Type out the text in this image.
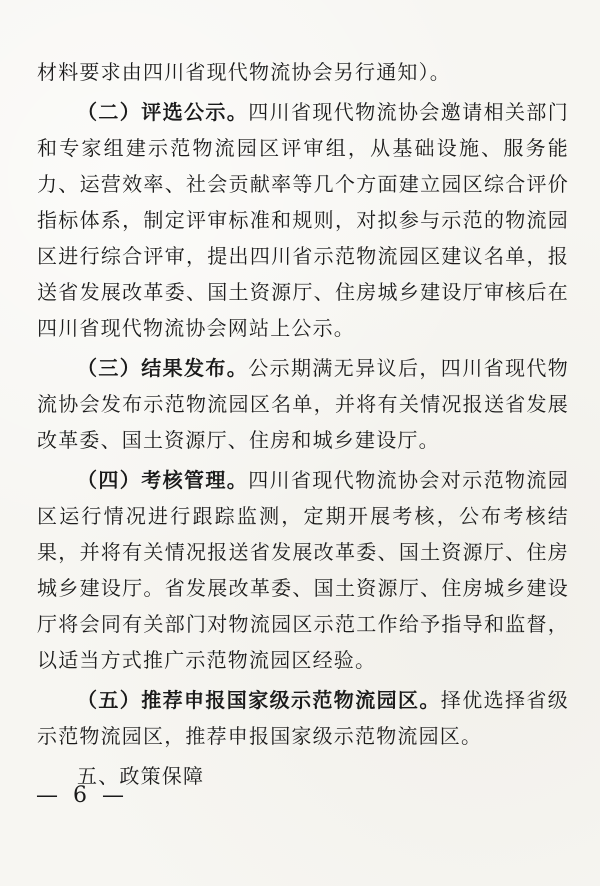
材料要求由四川省现代物流协会另行通知）。

（二）评选公示。四川省现代物流协会邀请相关部门和专家组建示范物流园区评审组，从基础设施、服务能力、运营效率、社会贡献率等几个方面建立园区综合评价指标体系，制定评审标准和规则，对拟参与示范的物流园区进行综合评审，提出四川省示范物流园区建议名单，报送省发展改革委、国土资源厅、住房城乡建设厅审核后在四川省现代物流协会网站上公示。

（三）结果发布。公示期满无异议后，四川省现代物流协会发布示范物流园区名单，并将有关情况报送省发展改革委、国土资源厅、住房和城乡建设厅。

（四）考核管理。四川省现代物流协会对示范物流园区运行情况进行跟踪监测，定期开展考核，公布考核结果，并将有关情况报送省发展改革委、国土资源厅、住房城乡建设厅。省发展改革委、国土资源厅、住房城乡建设厅将会同有关部门对物流园区示范工作给予指导和监督，以适当方式推广示范物流园区经验。

（五）推荐申报国家级示范物流园区。择优选择省级示范物流园区，推荐申报国家级示范物流园区。

五、政策保障

— 6 —
